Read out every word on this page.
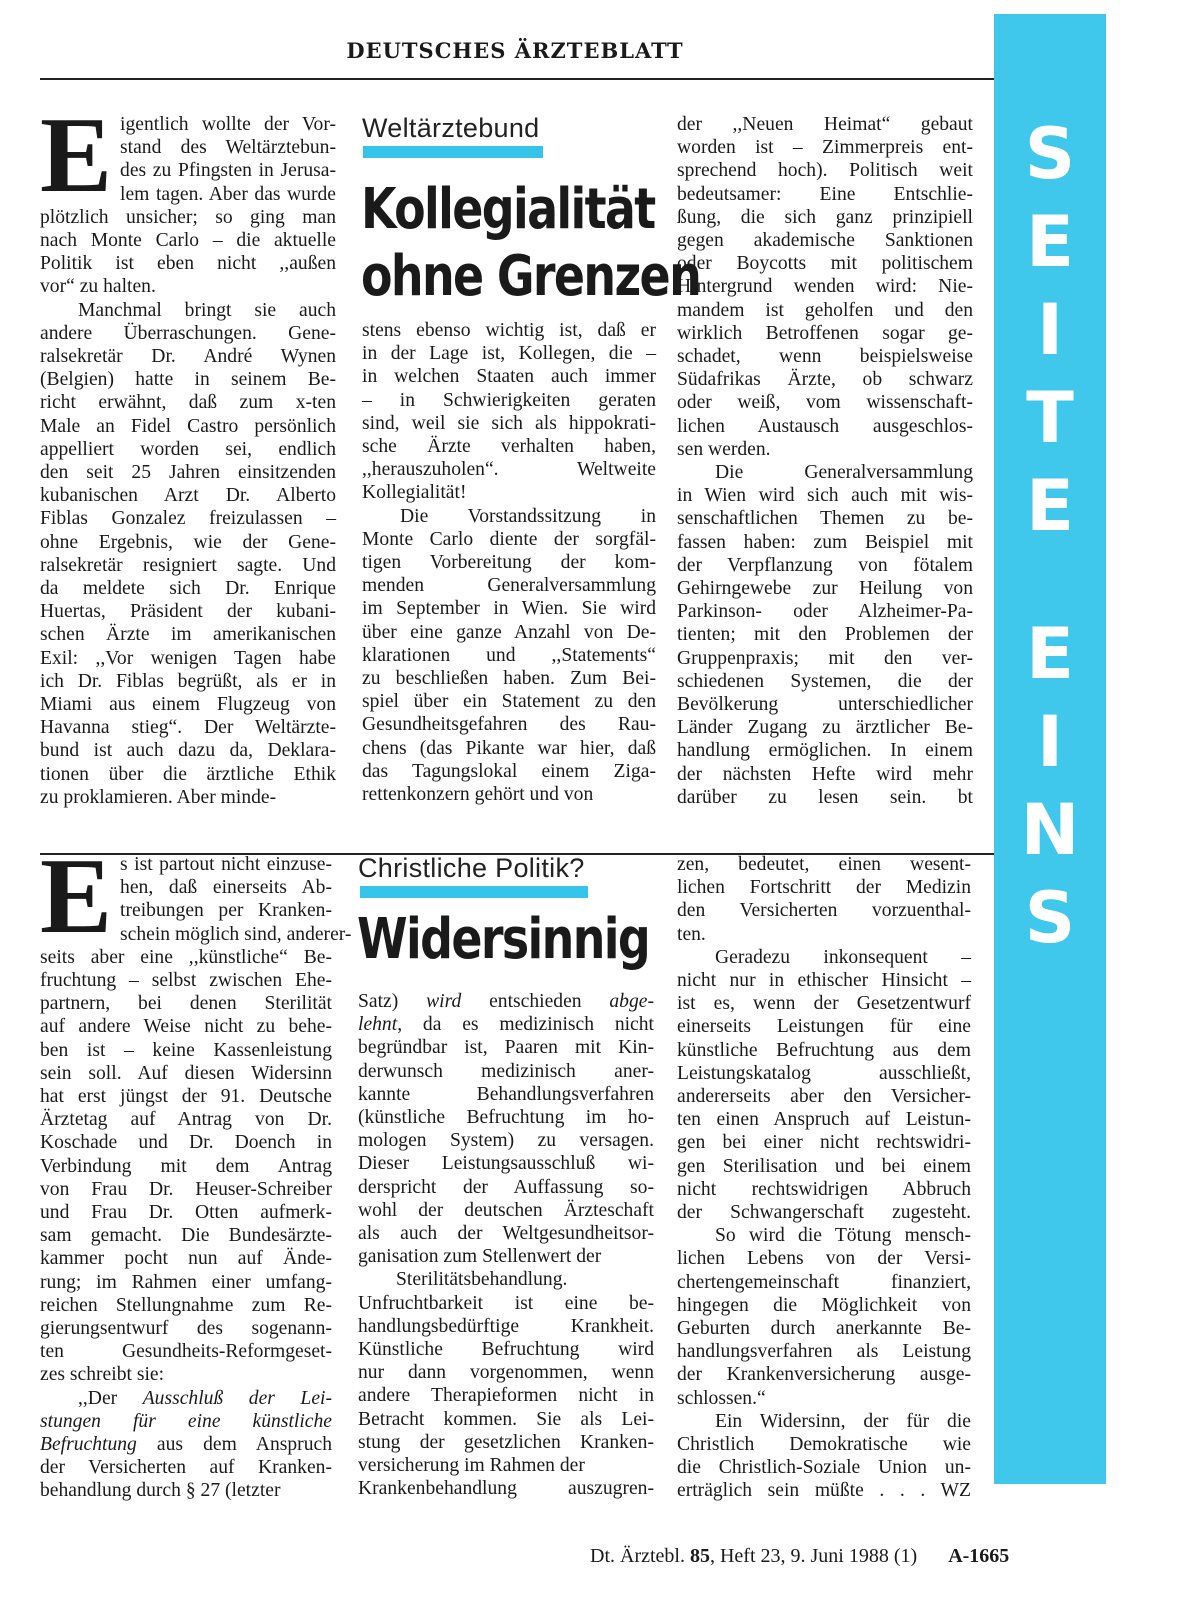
DEUTSCHES ÄRZTEBLATT
S
E
I
T
E
E
I
N
S
E igentlich wollte der Vor-
stand des Weltärztebun-
des zu Pfingsten in Jerusa-
lem tagen. Aber das wurde
plötzlich unsicher; so ging man
nach Monte Carlo – die aktuelle
Politik ist eben nicht ,,außen
vor“ zu halten.
Manchmal bringt sie auch
andere Überraschungen. Gene-
ralsekretär Dr. André Wynen
(Belgien) hatte in seinem Be-
richt erwähnt, daß zum x-ten
Male an Fidel Castro persönlich
appelliert worden sei, endlich
den seit 25 Jahren einsitzenden
kubanischen Arzt Dr. Alberto
Fiblas Gonzalez freizulassen –
ohne Ergebnis, wie der Gene-
ralsekretär resigniert sagte. Und
da meldete sich Dr. Enrique
Huertas, Präsident der kubani-
schen Ärzte im amerikanischen
Exil: ,,Vor wenigen Tagen habe
ich Dr. Fiblas begrüßt, als er in
Miami aus einem Flugzeug von
Havanna stieg“. Der Weltärzte-
bund ist auch dazu da, Deklara-
tionen über die ärztliche Ethik
zu proklamieren. Aber minde-
Weltärztebund
Kollegialität
ohne Grenzen
stens ebenso wichtig ist, daß er
in der Lage ist, Kollegen, die –
in welchen Staaten auch immer
– in Schwierigkeiten geraten
sind, weil sie sich als hippokrati-
sche Ärzte verhalten haben,
,,herauszuholen“. Weltweite
Kollegialität!
Die Vorstandssitzung in
Monte Carlo diente der sorgfäl-
tigen Vorbereitung der kom-
menden Generalversammlung
im September in Wien. Sie wird
über eine ganze Anzahl von De-
klarationen und ,,Statements“
zu beschließen haben. Zum Bei-
spiel über ein Statement zu den
Gesundheitsgefahren des Rau-
chens (das Pikante war hier, daß
das Tagungslokal einem Ziga-
rettenkonzern gehört und von
der ,,Neuen Heimat“ gebaut
worden ist – Zimmerpreis ent-
sprechend hoch). Politisch weit
bedeutsamer: Eine Entschlie-
ßung, die sich ganz prinzipiell
gegen akademische Sanktionen
oder Boycotts mit politischem
Hintergrund wenden wird: Nie-
mandem ist geholfen und den
wirklich Betroffenen sogar ge-
schadet, wenn beispielsweise
Südafrikas Ärzte, ob schwarz
oder weiß, vom wissenschaft-
lichen Austausch ausgeschlos-
sen werden.
Die Generalversammlung
in Wien wird sich auch mit wis-
senschaftlichen Themen zu be-
fassen haben: zum Beispiel mit
der Verpflanzung von fötalem
Gehirngewebe zur Heilung von
Parkinson- oder Alzheimer-Pa-
tienten; mit den Problemen der
Gruppenpraxis; mit den ver-
schiedenen Systemen, die der
Bevölkerung unterschiedlicher
Länder Zugang zu ärztlicher Be-
handlung ermöglichen. In einem
der nächsten Hefte wird mehr
darüber zu lesen sein. bt
E s ist partout nicht einzuse-
hen, daß einerseits Ab-
treibungen per Kranken-
schein möglich sind, anderer-
seits aber eine ,,künstliche“ Be-
fruchtung – selbst zwischen Ehe-
partnern, bei denen Sterilität
auf andere Weise nicht zu behe-
ben ist – keine Kassenleistung
sein soll. Auf diesen Widersinn
hat erst jüngst der 91. Deutsche
Ärztetag auf Antrag von Dr.
Koschade und Dr. Doench in
Verbindung mit dem Antrag
von Frau Dr. Heuser-Schreiber
und Frau Dr. Otten aufmerk-
sam gemacht. Die Bundesärzte-
kammer pocht nun auf Ände-
rung; im Rahmen einer umfang-
reichen Stellungnahme zum Re-
gierungsentwurf des sogenann-
ten Gesundheits-Reformgeset-
zes schreibt sie:
,,Der Ausschluß der Lei-
stungen für eine künstliche
Befruchtung aus dem Anspruch
der Versicherten auf Kranken-
behandlung durch § 27 (letzter
Christliche Politik?
Widersinnig
Satz) wird entschieden abge-
lehnt, da es medizinisch nicht
begründbar ist, Paaren mit Kin-
derwunsch medizinisch aner-
kannte Behandlungsverfahren
(künstliche Befruchtung im ho-
mologen System) zu versagen.
Dieser Leistungsausschluß wi-
derspricht der Auffassung so-
wohl der deutschen Ärzteschaft
als auch der Weltgesundheitsor-
ganisation zum Stellenwert der
Sterilitätsbehandlung.
Unfruchtbarkeit ist eine be-
handlungsbedürftige Krankheit.
Künstliche Befruchtung wird
nur dann vorgenommen, wenn
andere Therapieformen nicht in
Betracht kommen. Sie als Lei-
stung der gesetzlichen Kranken-
versicherung im Rahmen der
Krankenbehandlung auszugren-
zen, bedeutet, einen wesent-
lichen Fortschritt der Medizin
den Versicherten vorzuenthal-
ten.
Geradezu inkonsequent –
nicht nur in ethischer Hinsicht –
ist es, wenn der Gesetzentwurf
einerseits Leistungen für eine
künstliche Befruchtung aus dem
Leistungskatalog ausschließt,
andererseits aber den Versicher-
ten einen Anspruch auf Leistun-
gen bei einer nicht rechtswidri-
gen Sterilisation und bei einem
nicht rechtswidrigen Abbruch
der Schwangerschaft zugesteht.
So wird die Tötung mensch-
lichen Lebens von der Versi-
chertengemeinschaft finanziert,
hingegen die Möglichkeit von
Geburten durch anerkannte Be-
handlungsverfahren als Leistung
der Krankenversicherung ausge-
schlossen.“
Ein Widersinn, der für die
Christlich Demokratische wie
die Christlich-Soziale Union un-
erträglich sein müßte . . . WZ
Dt. Ärztebl. 85, Heft 23, 9. Juni 1988 (1) A-1665
